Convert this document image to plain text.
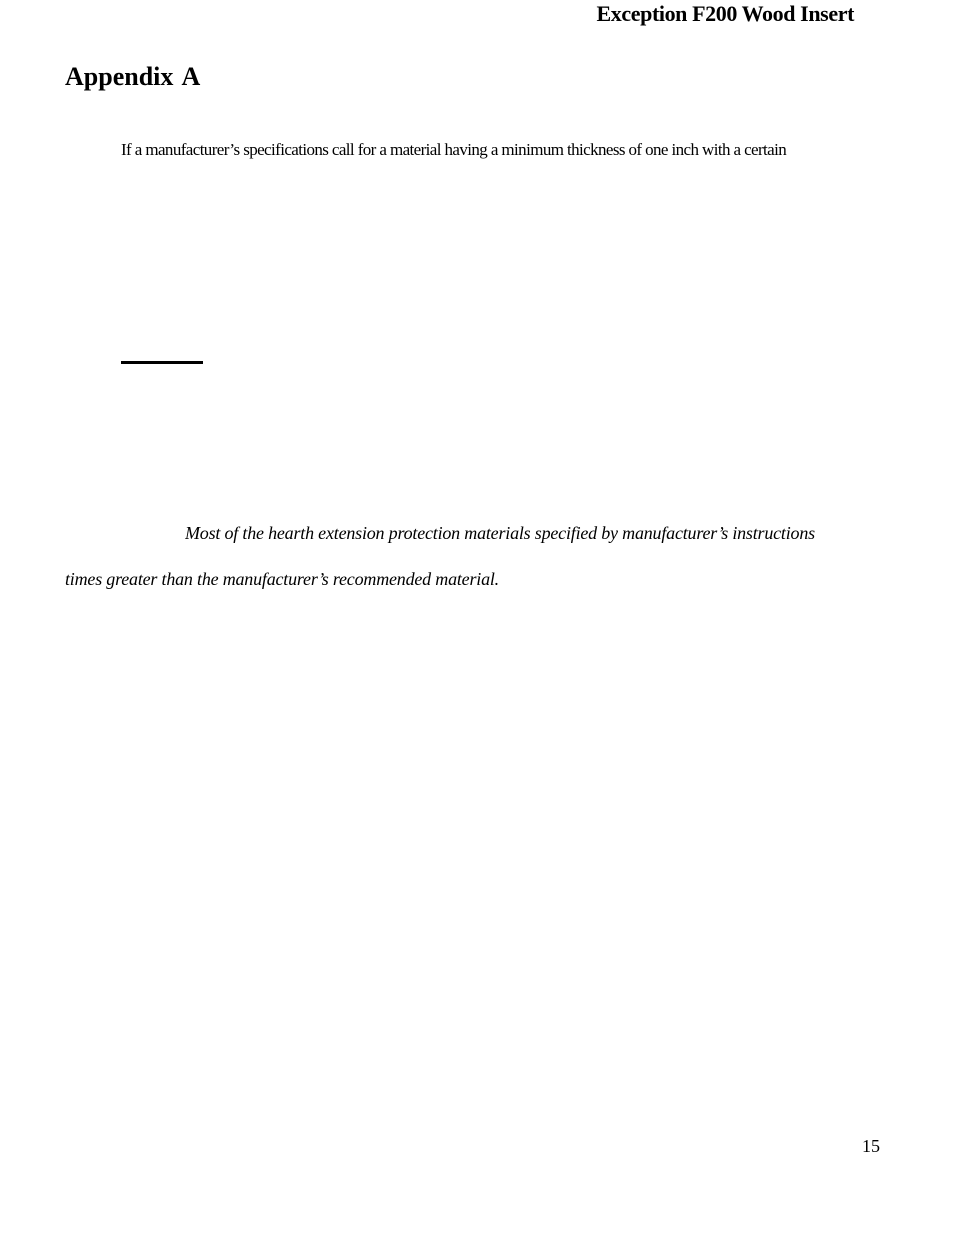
Exception F200 Wood Insert
Appendix A
If a manufacturer’s specifications call for a material having a minimum thickness of one inch with a certain
Most of the hearth extension protection materials specified by manufacturer’s instructions
times greater than the manufacturer’s recommended material.
15
